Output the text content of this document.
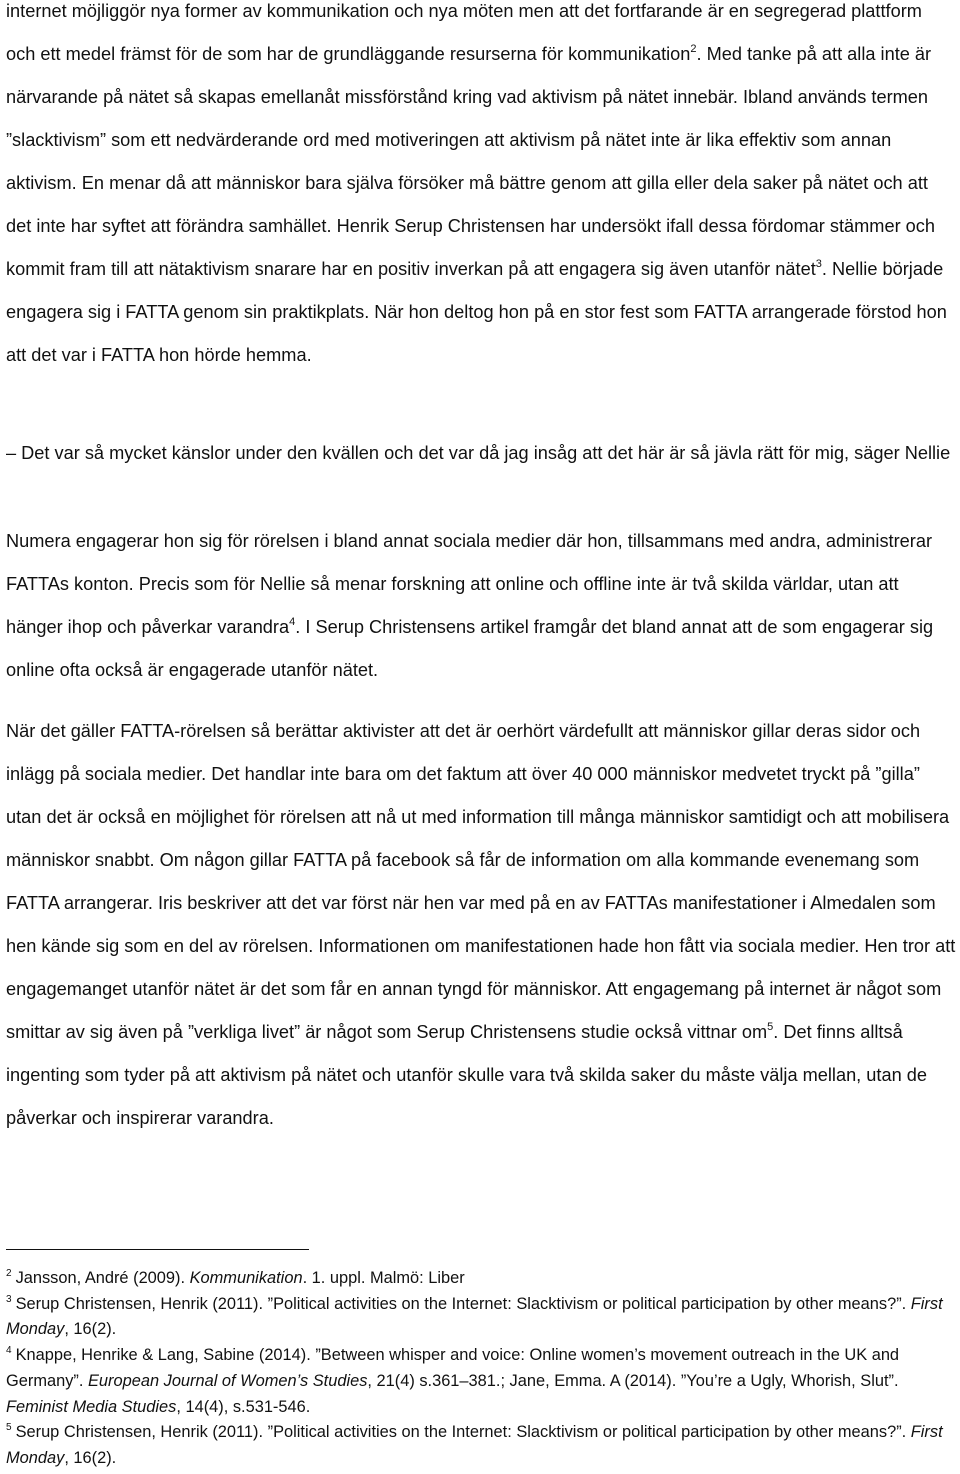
internet möjliggör nya former av kommunikation och nya möten men att det fortfarande är en segregerad plattform och ett medel främst för de som har de grundläggande resurserna för kommunikation$^2$. Med tanke på att alla inte är närvarande på nätet så skapas emellanåt missförstånd kring vad aktivism på nätet innebär. Ibland används termen ”slacktivism” som ett nedvärderande ord med motiveringen att aktivism på nätet inte är lika effektiv som annan aktivism. En menar då att människor bara själva försöker må bättre genom att gilla eller dela saker på nätet och att det inte har syftet att förändra samhället. Henrik Serup Christensen har undersökt ifall dessa fördomar stämmer och kommit fram till att nätaktivism snarare har en positiv inverkan på att engagera sig även utanför nätet$^3$. Nellie började engagera sig i FATTA genom sin praktikplats. När hon deltog hon på en stor fest som FATTA arrangerade förstod hon att det var i FATTA hon hörde hemma.

– Det var så mycket känslor under den kvällen och det var då jag insåg att det här är så jävla rätt för mig, säger Nellie

Numera engagerar hon sig för rörelsen i bland annat sociala medier där hon, tillsammans med andra, administrerar FATTAs konton. Precis som för Nellie så menar forskning att online och offline inte är två skilda världar, utan att hänger ihop och påverkar varandra$^4$. I Serup Christensens artikel framgår det bland annat att de som engagerar sig online ofta också är engagerade utanför nätet.

När det gäller FATTA-rörelsen så berättar aktivister att det är oerhört värdefullt att människor gillar deras sidor och inlägg på sociala medier. Det handlar inte bara om det faktum att över 40 000 människor medvetet tryckt på ”gilla” utan det är också en möjlighet för rörelsen att nå ut med information till många människor samtidigt och att mobilisera människor snabbt. Om någon gillar FATTA på facebook så får de information om alla kommande evenemang som FATTA arrangerar. Iris beskriver att det var först när hen var med på en av FATTAs manifestationer i Almedalen som hen kände sig som en del av rörelsen. Informationen om manifestationen hade hon fått via sociala medier. Hen tror att engagemanget utanför nätet är det som får en annan tyngd för människor. Att engagemang på internet är något som smittar av sig även på ”verkliga livet” är något som Serup Christensens studie också vittnar $om^5$. Det finns alltså ingenting som tyder på att aktivism på nätet och utanför skulle vara två skilda saker du måste välja mellan, utan de påverkar och inspirerar varandra.

$^2$ Jansson, André (2009). Kommunikation. 1. uppl. Malmö: Liber

$^3$ Serup Christensen, Henrik (2011). ”Political activities on the Internet: Slacktivism or political participation by other means?”. First Monday, 16(2).

$^4$ Knappe, Henrike & Lang, Sabine (2014). ”Between whisper and voice: Online women’s movement outreach in the UK and Germany”. European Journal of Women’s Studies, 21(4) s.361–381.; Jane, Emma. A (2014). ”You’re a Ugly, Whorish, Slut”. Feminist Media Studies, 14(4), s.531-546.

$^5$ Serup Christensen, Henrik (2011). ”Political activities on the Internet: Slacktivism or political participation by other means?”. First Monday, 16(2).
